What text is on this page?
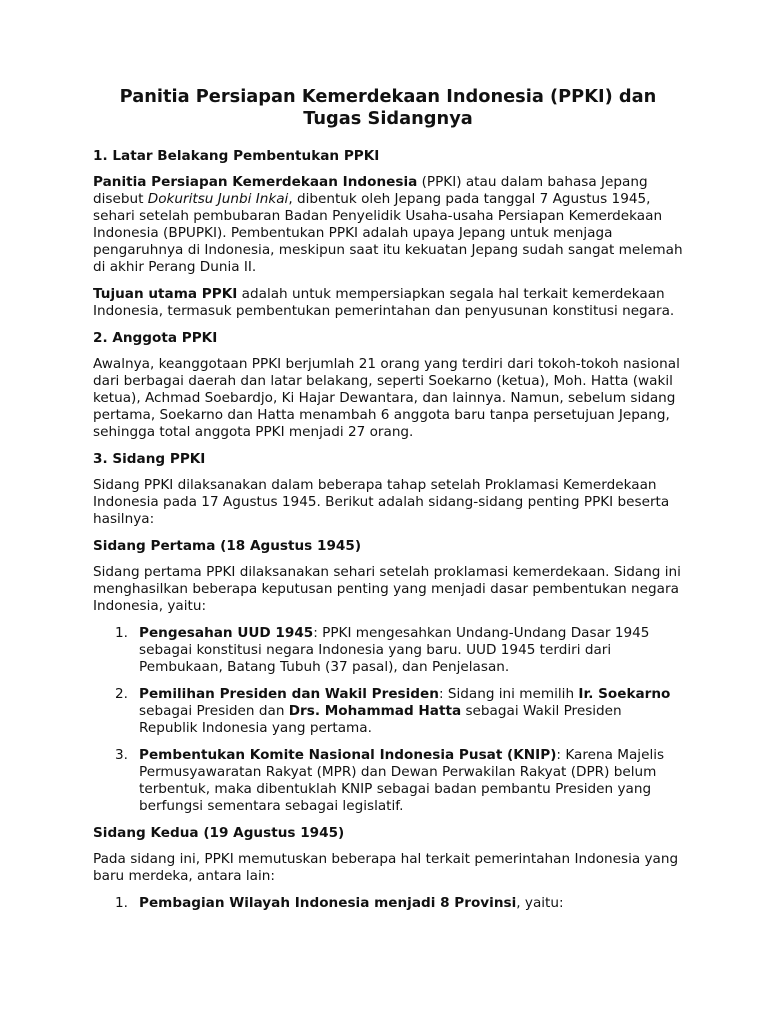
Panitia Persiapan Kemerdekaan Indonesia (PPKI) dan Tugas Sidangnya
1. Latar Belakang Pembentukan PPKI

Panitia Persiapan Kemerdekaan Indonesia (PPKI) atau dalam bahasa Jepang disebut Dokuritsu Junbi Inkai, dibentuk oleh Jepang pada tanggal 7 Agustus 1945, sehari setelah pembubaran Badan Penyelidik Usaha-usaha Persiapan Kemerdekaan Indonesia (BPUPKI). Pembentukan PPKI adalah upaya Jepang untuk menjaga pengaruhnya di Indonesia, meskipun saat itu kekuatan Jepang sudah sangat melemah di akhir Perang Dunia II.

Tujuan utama PPKI adalah untuk mempersiapkan segala hal terkait kemerdekaan Indonesia, termasuk pembentukan pemerintahan dan penyusunan konstitusi negara.

2. Anggota PPKI

Awalnya, keanggotaan PPKI berjumlah 21 orang yang terdiri dari tokoh-tokoh nasional dari berbagai daerah dan latar belakang, seperti Soekarno (ketua), Moh. Hatta (wakil ketua), Achmad Soebardjo, Ki Hajar Dewantara, dan lainnya. Namun, sebelum sidang pertama, Soekarno dan Hatta menambah 6 anggota baru tanpa persetujuan Jepang, sehingga total anggota PPKI menjadi 27 orang.

3. Sidang PPKI

Sidang PPKI dilaksanakan dalam beberapa tahap setelah Proklamasi Kemerdekaan Indonesia pada 17 Agustus 1945. Berikut adalah sidang-sidang penting PPKI beserta hasilnya:

Sidang Pertama (18 Agustus 1945)

Sidang pertama PPKI dilaksanakan sehari setelah proklamasi kemerdekaan. Sidang ini menghasilkan beberapa keputusan penting yang menjadi dasar pembentukan negara Indonesia, yaitu:

1. Pengesahan UUD 1945: PPKI mengesahkan Undang-Undang Dasar 1945 sebagai konstitusi negara Indonesia yang baru. UUD 1945 terdiri dari Pembukaan, Batang Tubuh (37 pasal), dan Penjelasan.
2. Pemilihan Presiden dan Wakil Presiden: Sidang ini memilih Ir. Soekarno sebagai Presiden dan Drs. Mohammad Hatta sebagai Wakil Presiden Republik Indonesia yang pertama.
3. Pembentukan Komite Nasional Indonesia Pusat (KNIP): Karena Majelis Permusyawaratan Rakyat (MPR) dan Dewan Perwakilan Rakyat (DPR) belum terbentuk, maka dibentuklah KNIP sebagai badan pembantu Presiden yang berfungsi sementara sebagai legislatif.
Sidang Kedua (19 Agustus 1945)

Pada sidang ini, PPKI memutuskan beberapa hal terkait pemerintahan Indonesia yang baru merdeka, antara lain:

1. Pembagian Wilayah Indonesia menjadi 8 Provinsi, yaitu:
